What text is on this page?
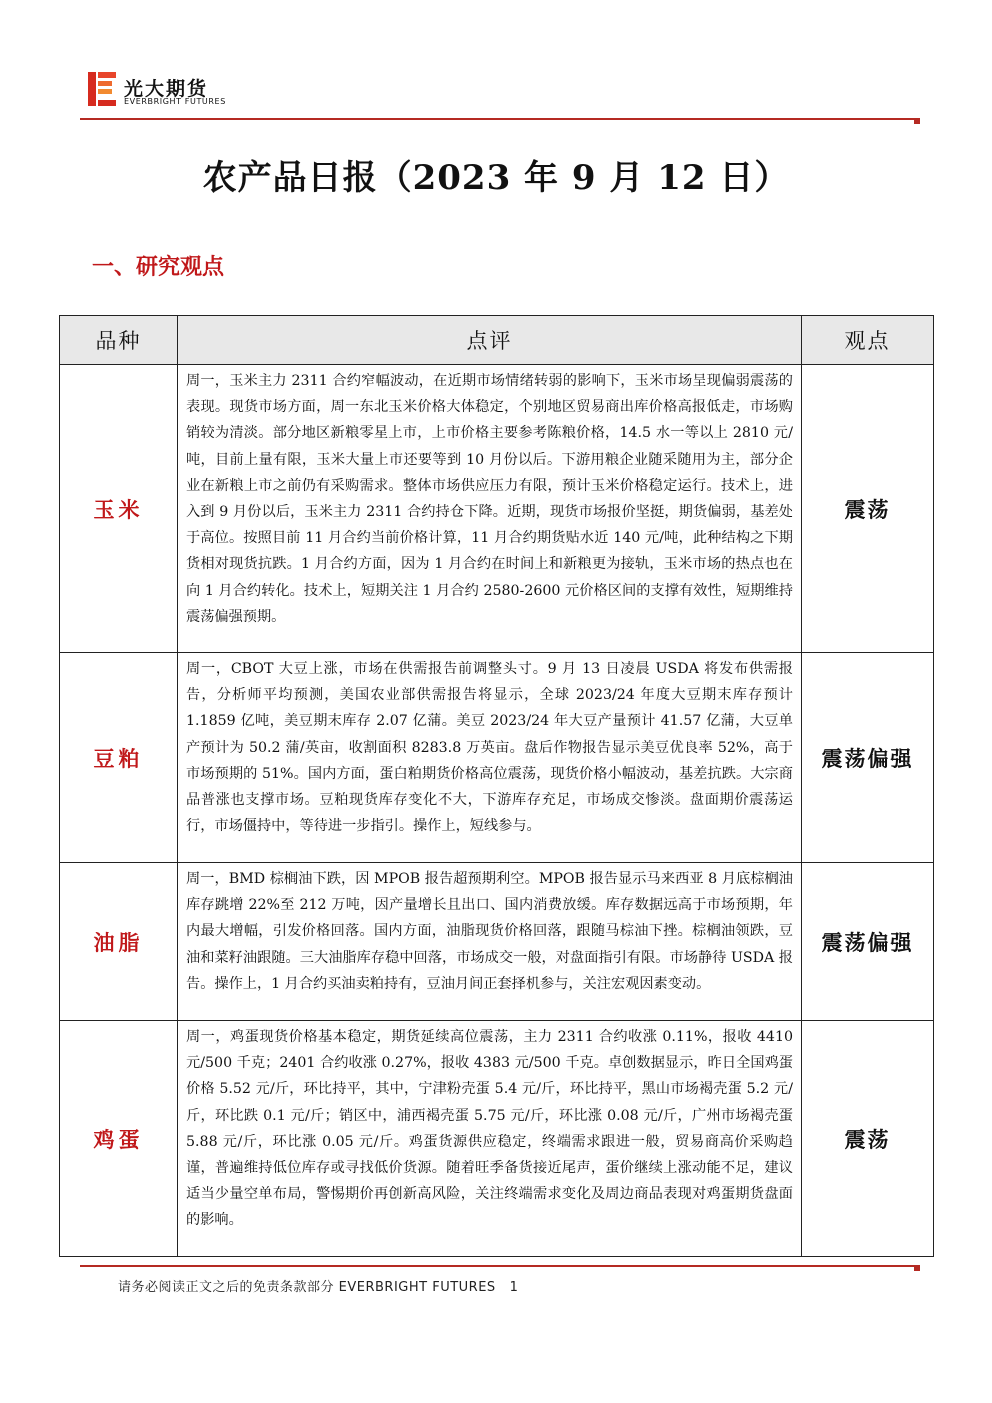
光大期货
EVERBRIGHT FUTURES
农产品日报（2023 年 9 月 12 日）
一、研究观点
品种	点评	观点
玉米	周一，玉米主力 2311 合约窄幅波动，在近期市场情绪转弱的影响下，玉米市场呈现偏弱震荡的表现。现货市场方面，周一东北玉米价格大体稳定，个别地区贸易商出库价格高报低走，市场购销较为清淡。部分地区新粮零星上市，上市价格主要参考陈粮价格，14.5 水一等以上 2810 元/吨，目前上量有限，玉米大量上市还要等到 10 月份以后。下游用粮企业随采随用为主，部分企业在新粮上市之前仍有采购需求。整体市场供应压力有限，预计玉米价格稳定运行。技术上，进入到 9 月份以后，玉米主力 2311 合约持仓下降。近期，现货市场报价坚挺，期货偏弱，基差处于高位。按照目前 11 月合约当前价格计算，11 月合约期货贴水近 140 元/吨，此种结构之下期货相对现货抗跌。1 月合约方面，因为 1 月合约在时间上和新粮更为接轨，玉米市场的热点也在向 1 月合约转化。技术上，短期关注 1 月合约 2580-2600 元价格区间的支撑有效性，短期维持震荡偏强预期。	震荡
豆粕	周一，CBOT 大豆上涨，市场在供需报告前调整头寸。9 月 13 日凌晨 USDA 将发布供需报告，分析师平均预测，美国农业部供需报告将显示，全球 2023/24 年度大豆期末库存预计 1.1859 亿吨，美豆期末库存 2.07 亿蒲。美豆 2023/24 年大豆产量预计 41.57 亿蒲，大豆单产预计为 50.2 蒲/英亩，收割面积 8283.8 万英亩。盘后作物报告显示美豆优良率 52%，高于市场预期的 51%。国内方面，蛋白粕期货价格高位震荡，现货价格小幅波动，基差抗跌。大宗商品普涨也支撑市场。豆粕现货库存变化不大，下游库存充足，市场成交惨淡。盘面期价震荡运行，市场僵持中，等待进一步指引。操作上，短线参与。	震荡偏强
油脂	周一，BMD 棕榈油下跌，因 MPOB 报告超预期利空。MPOB 报告显示马来西亚 8 月底棕榈油库存跳增 22%至 212 万吨，因产量增长且出口、国内消费放缓。库存数据远高于市场预期，年内最大增幅，引发价格回落。国内方面，油脂现货价格回落，跟随马棕油下挫。棕榈油领跌，豆油和菜籽油跟随。三大油脂库存稳中回落，市场成交一般，对盘面指引有限。市场静待 USDA 报告。操作上，1 月合约买油卖粕持有，豆油月间正套择机参与，关注宏观因素变动。	震荡偏强
鸡蛋	周一，鸡蛋现货价格基本稳定，期货延续高位震荡，主力 2311 合约收涨 0.11%，报收 4410 元/500 千克；2401 合约收涨 0.27%，报收 4383 元/500 千克。卓创数据显示，昨日全国鸡蛋价格 5.52 元/斤，环比持平，其中，宁津粉壳蛋 5.4 元/斤，环比持平，黑山市场褐壳蛋 5.2 元/斤，环比跌 0.1 元/斤；销区中，浦西褐壳蛋 5.75 元/斤，环比涨 0.08 元/斤，广州市场褐壳蛋 5.88 元/斤，环比涨 0.05 元/斤。鸡蛋货源供应稳定，终端需求跟进一般，贸易商高价采购趋谨，普遍维持低位库存或寻找低价货源。随着旺季备货接近尾声，蛋价继续上涨动能不足，建议适当少量空单布局，警惕期价再创新高风险，关注终端需求变化及周边商品表现对鸡蛋期货盘面的影响。	震荡
请务必阅读正文之后的免责条款部分 EVERBRIGHT FUTURES 1
